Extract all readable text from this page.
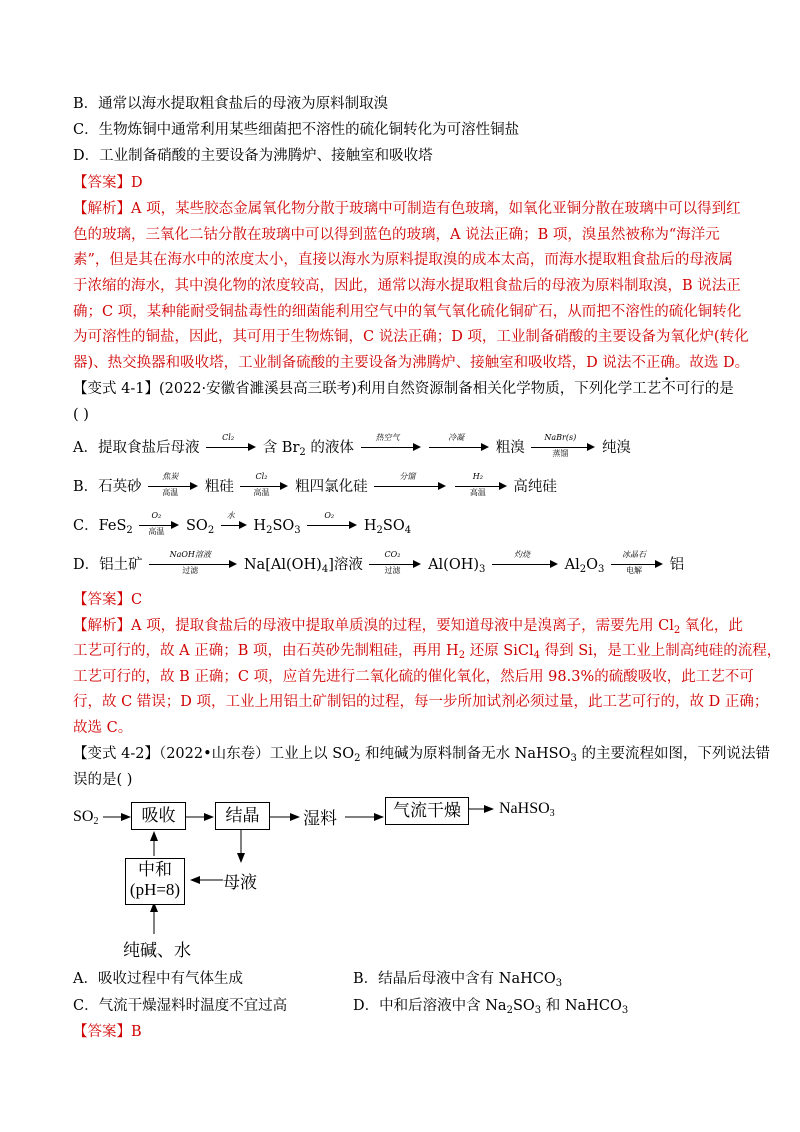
B．通常以海水提取粗食盐后的母液为原料制取溴
C．生物炼铜中通常利用某些细菌把不溶性的硫化铜转化为可溶性铜盐
D．工业制备硝酸的主要设备为沸腾炉、接触室和吸收塔
【答案】D
【解析】A 项，某些胶态金属氧化物分散于玻璃中可制造有色玻璃，如氧化亚铜分散在玻璃中可以得到红
色的玻璃，三氧化二钴分散在玻璃中可以得到蓝色的玻璃，A 说法正确；B 项，溴虽然被称为“海洋元
素”，但是其在海水中的浓度太小，直接以海水为原料提取溴的成本太高，而海水提取粗食盐后的母液属
于浓缩的海水，其中溴化物的浓度较高，因此，通常以海水提取粗食盐后的母液为原料制取溴，B 说法正
确；C 项，某种能耐受铜盐毒性的细菌能利用空气中的氧气氧化硫化铜矿石，从而把不溶性的硫化铜转化
为可溶性的铜盐，因此，其可用于生物炼铜，C 说法正确；D 项，工业制备硝酸的主要设备为氧化炉(转化
器)、热交换器和吸收塔，工业制备硫酸的主要设备为沸腾炉、接触室和吸收塔，D 说法不正确。故选 D。
【变式 4-1】(2022·安徽省濉溪县高三联考)利用自然资源制备相关化学物质，下列化学工艺不可行的是
( )
A．提取食盐后母液
Cl₂
含 $Br_2$ 的液体
热空气
	冷凝
粗溴
NaBr(s)
蒸馏	纯溴
B．石英砂
焦炭
高温	粗硅
Cl₂
高温	粗四氯化硅
分馏
	H₂
高温	高纯硅
C．FeS$_2$
O₂
高温	$SO_2$
水
$H_2SO_3$
O₂
$H_2SO_4$
D．铝土矿
NaOH溶液
过滤	$Na[Al(OH)_4]$溶液
CO₂
过滤	$Al(OH)_3$
灼烧
$Al_2O_3$
冰晶石
电解	铝
【答案】C
【解析】A 项，提取食盐后的母液中提取单质溴的过程，要知道母液中是溴离子，需要先用 $Cl_2$ 氧化，此
工艺可行的，故 A 正确；B 项，由石英砂先制粗硅，再用 $H_2$ 还原 SiCl$_4$ 得到 Si，是工业上制高纯硅的流程，
工艺可行的，故 B 正确；C 项，应首先进行二氧化硫的催化氧化，然后用 98.3%的硫酸吸收，此工艺不可
行，故 C 错误；D 项，工业上用铝土矿制铝的过程，每一步所加试剂必须过量，此工艺可行的，故 D 正确；
故选 C。
【变式 4-2】（2022•山东卷）工业上以 $SO_2$ 和纯碱为原料制备无水 NaHSO$_3$ 的主要流程如图，下列说法错
误的是( )
$SO_2$	吸收	结晶	湿料	气流干燥	NaHSO$_3$
中和
(pH=8)	母液
纯碱、水
A．吸收过程中有气体生成	B．结晶后母液中含有 NaHCO$_3$
C．气流干燥湿料时温度不宜过高	D．中和后溶液中含 $Na_2SO_3$ 和 NaHCO$_3$
【答案】B
